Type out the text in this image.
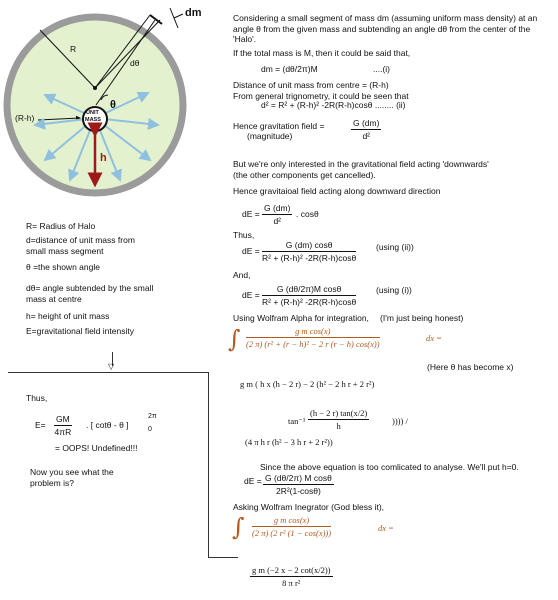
dm
R
dθ
θ
(R-h)	UNIT
MASS
h
R= Radius of Halo
d=distance of unit mass from small mass segment
θ =the shown angle
dθ= angle subtended by the small mass at centre
h= height of unit mass
E=gravitational field intensity
▽
Thus,
$E= \frac{GM}{4\pi R}$ . [ cotθ - θ ]
2π
0
= OOPS! Undefined!!!
Now you see what the problem is?
Considering a small segment of mass dm (assuming uniform mass density) at an angle θ from the given mass and subtending an angle dθ from the center of the 'Halo'.
If the total mass is M, then it could be said that,
dm = (dθ/2π)M	....(i)
Distance of unit mass from centre = (R-h)
From general trignometry, it could be seen that
d² = R² + (R-h)² -2R(R-h)cosθ ........ (ii)
Hence gravitation field =
(magnitude)	$\frac{G (dm)}{\text{d²}}$
But we're only interested in the gravitational field acting 'downwards'
(the other components get cancelled).
Hence gravitaioal field acting along downward direction
dE = $\frac{G (dm)}{\text{d²}}$ . cosθ
Thus,
dE = $\frac{G (dm) \cos\theta}{\text{R² + (R-h)² -2R(R-h)cosθ}} (using$ (ii))
And,
dE = $\frac{\text{G (dθ/2π)M cosθ}}{\text{R² + (R-h)² -2R(R-h)cosθ}} (using$ (i))
Using Wolfram Alpha for integration, (I'm just being honest)
∫ $\frac{\text{g m cos(x)}}{\text{(2 π) (r² + (r − h)² − 2 r (r − h) cos(x))}}$	dx =
(Here θ has become x)
g m ( h x (h − 2 r) − 2 (h² − 2 h r + 2 r²)
$\tan^{-1} \frac{(h - 2 r) \tan(x/2)}{h}$	)))) /
(4 π h r (h² − 3 h r + 2 r²))
Since the above equation is too comlicated to analyse. We'll put h=0.
dE = $\frac{\text{G (dθ/2π) M cosθ}}{\text{2R²(1-cosθ)}}$
Asking Wolfram Inegrator (God bless it),
∫ $\frac{\text{g m cos(x)}}{\text{(2 π) (2 r² (1 − cos(x)))}}$	dx =
$\frac{\text{g m (−2 x − 2 cot(x/2))}}{\text{8 π r²}}$
